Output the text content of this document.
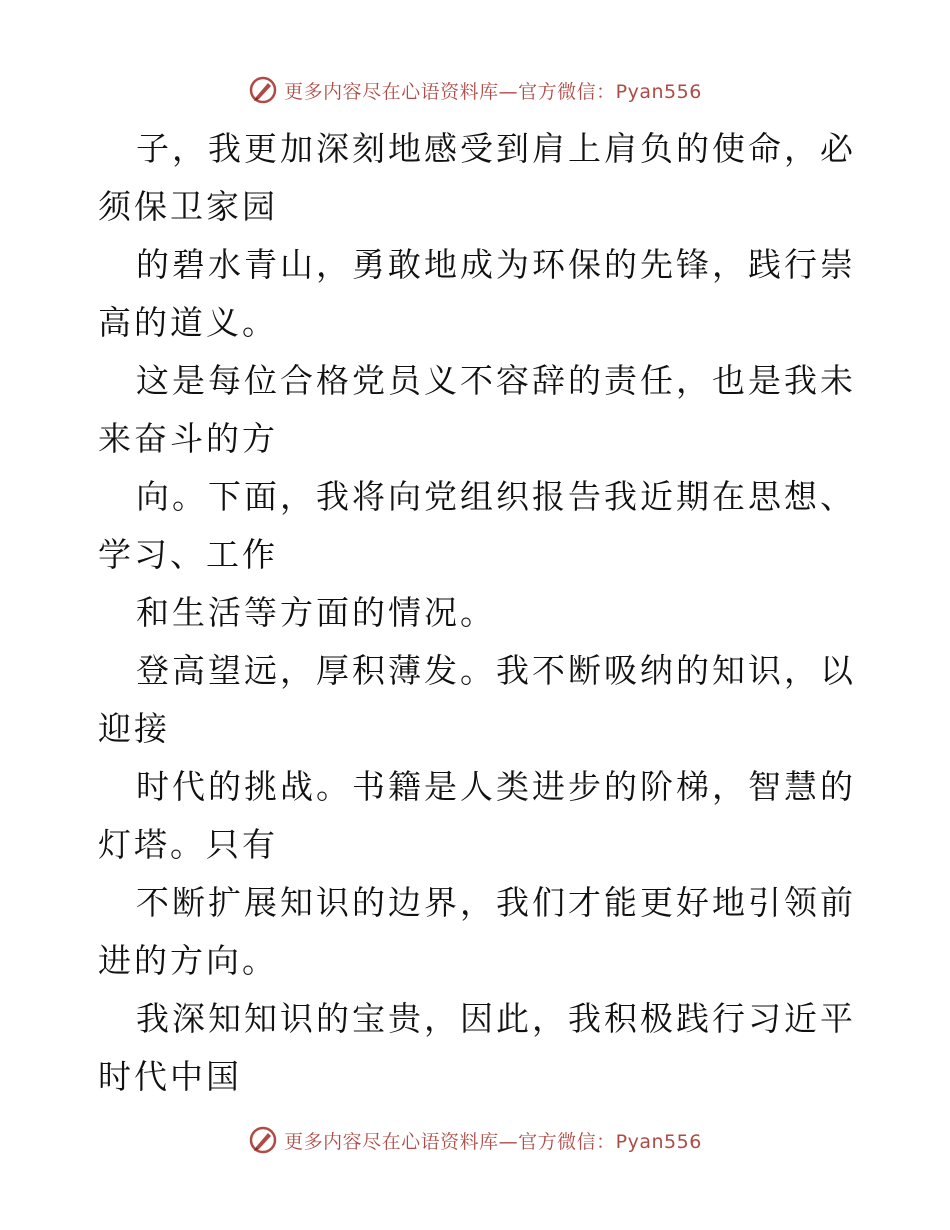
更多内容尽在心语资料库—官方微信：Pyan556

子，我更加深刻地感受到肩上肩负的使命，必须保卫家园

的碧水青山，勇敢地成为环保的先锋，践行崇高的道义。

这是每位合格党员义不容辞的责任，也是我未来奋斗的方

向。下面，我将向党组织报告我近期在思想、学习、工作

和生活等方面的情况。

登高望远，厚积薄发。我不断吸纳的知识，以迎接

时代的挑战。书籍是人类进步的阶梯，智慧的灯塔。只有

不断扩展知识的边界，我们才能更好地引领前进的方向。

我深知知识的宝贵，因此，我积极践行习近平时代中国

更多内容尽在心语资料库—官方微信：Pyan556
